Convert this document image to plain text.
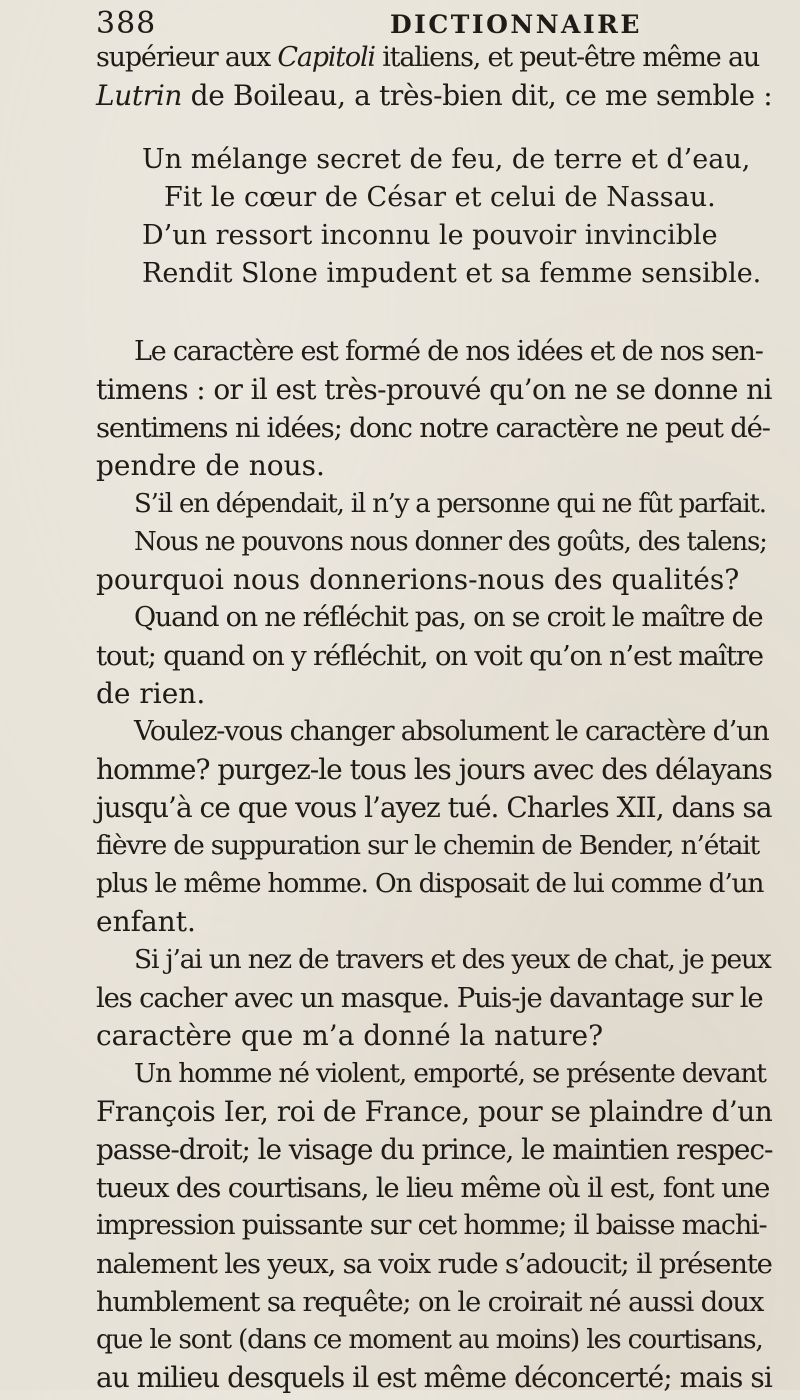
388	DICTIONNAIRE
supérieur aux Capitoli italiens, et peut-être même au
Lutrin de Boileau, a très-bien dit, ce me semble :
Un mélange secret de feu, de terre et d’eau,
Fit le cœur de César et celui de Nassau.
D’un ressort inconnu le pouvoir invincible
Rendit Slone impudent et sa femme sensible.
Le caractère est formé de nos idées et de nos sen-
timens : or il est très-prouvé qu’on ne se donne ni
sentimens ni idées; donc notre caractère ne peut dé-
pendre de nous.
S’il en dépendait, il n’y a personne qui ne fût parfait.
Nous ne pouvons nous donner des goûts, des talens;
pourquoi nous donnerions-nous des qualités?
Quand on ne réfléchit pas, on se croit le maître de
tout; quand on y réfléchit, on voit qu’on n’est maître
de rien.
Voulez-vous changer absolument le caractère d’un
homme? purgez-le tous les jours avec des délayans
jusqu’à ce que vous l’ayez tué. Charles XII, dans sa
fièvre de suppuration sur le chemin de Bender, n’était
plus le même homme. On disposait de lui comme d’un
enfant.
Si j’ai un nez de travers et des yeux de chat, je peux
les cacher avec un masque. Puis-je davantage sur le
caractère que m’a donné la nature?
Un homme né violent, emporté, se présente devant
François Ier, roi de France, pour se plaindre d’un
passe-droit; le visage du prince, le maintien respec-
tueux des courtisans, le lieu même où il est, font une
impression puissante sur cet homme; il baisse machi-
nalement les yeux, sa voix rude s’adoucit; il présente
humblement sa requête; on le croirait né aussi doux
que le sont (dans ce moment au moins) les courtisans,
au milieu desquels il est même déconcerté; mais si
